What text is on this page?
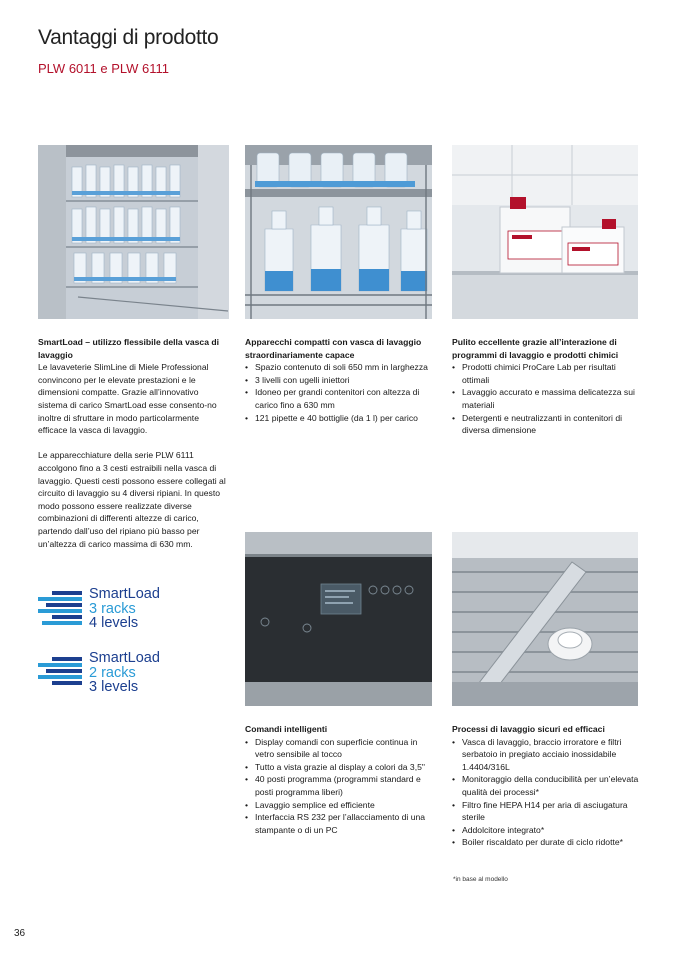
Vantaggi di prodotto
PLW 6011 e PLW 6111

SmartLoad – utilizzo flessibile della vasca di lavaggio

Le lavaveterie SlimLine di Miele Professional convincono per le elevate prestazioni e le dimensioni compatte. Grazie all’innovativo sistema di carico SmartLoad esse consento-no inoltre di sfruttare in modo particolarmente efficace la vasca di lavaggio.

Le apparecchiature della serie PLW 6111 accolgono fino a 3 cesti estraibili nella vasca di lavaggio. Questi cesti possono essere collegati al circuito di lavaggio su 4 diversi ripiani. In questo modo possono essere realizzate diverse combinazioni di differenti altezze di carico, partendo dall’uso del ripiano più basso per un’altezza di carico massima di 630 mm.

SmartLoad
3 racks
4 levels
SmartLoad
2 racks
3 levels

Apparecchi compatti con vasca di lavaggio straordinariamente capace

• Spazio contenuto di soli 650 mm in larghezza
• 3 livelli con ugelli iniettori
• Idoneo per grandi contenitori con altezza di carico fino a 630 mm
• 121 pipette e 40 bottiglie (da 1 l) per carico

Pulito eccellente grazie all’interazione di programmi di lavaggio e prodotti chimici

• Prodotti chimici ProCare Lab per risultati ottimali
• Lavaggio accurato e massima delicatezza sui materiali
• Detergenti e neutralizzanti in contenitori di diversa dimensione

Comandi intelligenti

• Display comandi con superficie continua in vetro sensibile al tocco
• Tutto a vista grazie al display a colori da 3,5"
• 40 posti programma (programmi standard e posti programma liberi)
• Lavaggio semplice ed efficiente
• Interfaccia RS 232 per l’allacciamento di una stampante o di un PC

Processi di lavaggio sicuri ed efficaci

• Vasca di lavaggio, braccio irroratore e filtri serbatoio in pregiato acciaio inossidabile 1.4404/316L
• Monitoraggio della conducibilità per un’elevata qualità dei processi*
• Filtro fine HEPA H14 per aria di asciugatura sterile
• Addolcitore integrato*
• Boiler riscaldato per durate di ciclo ridotte*
*in base al modello
36
